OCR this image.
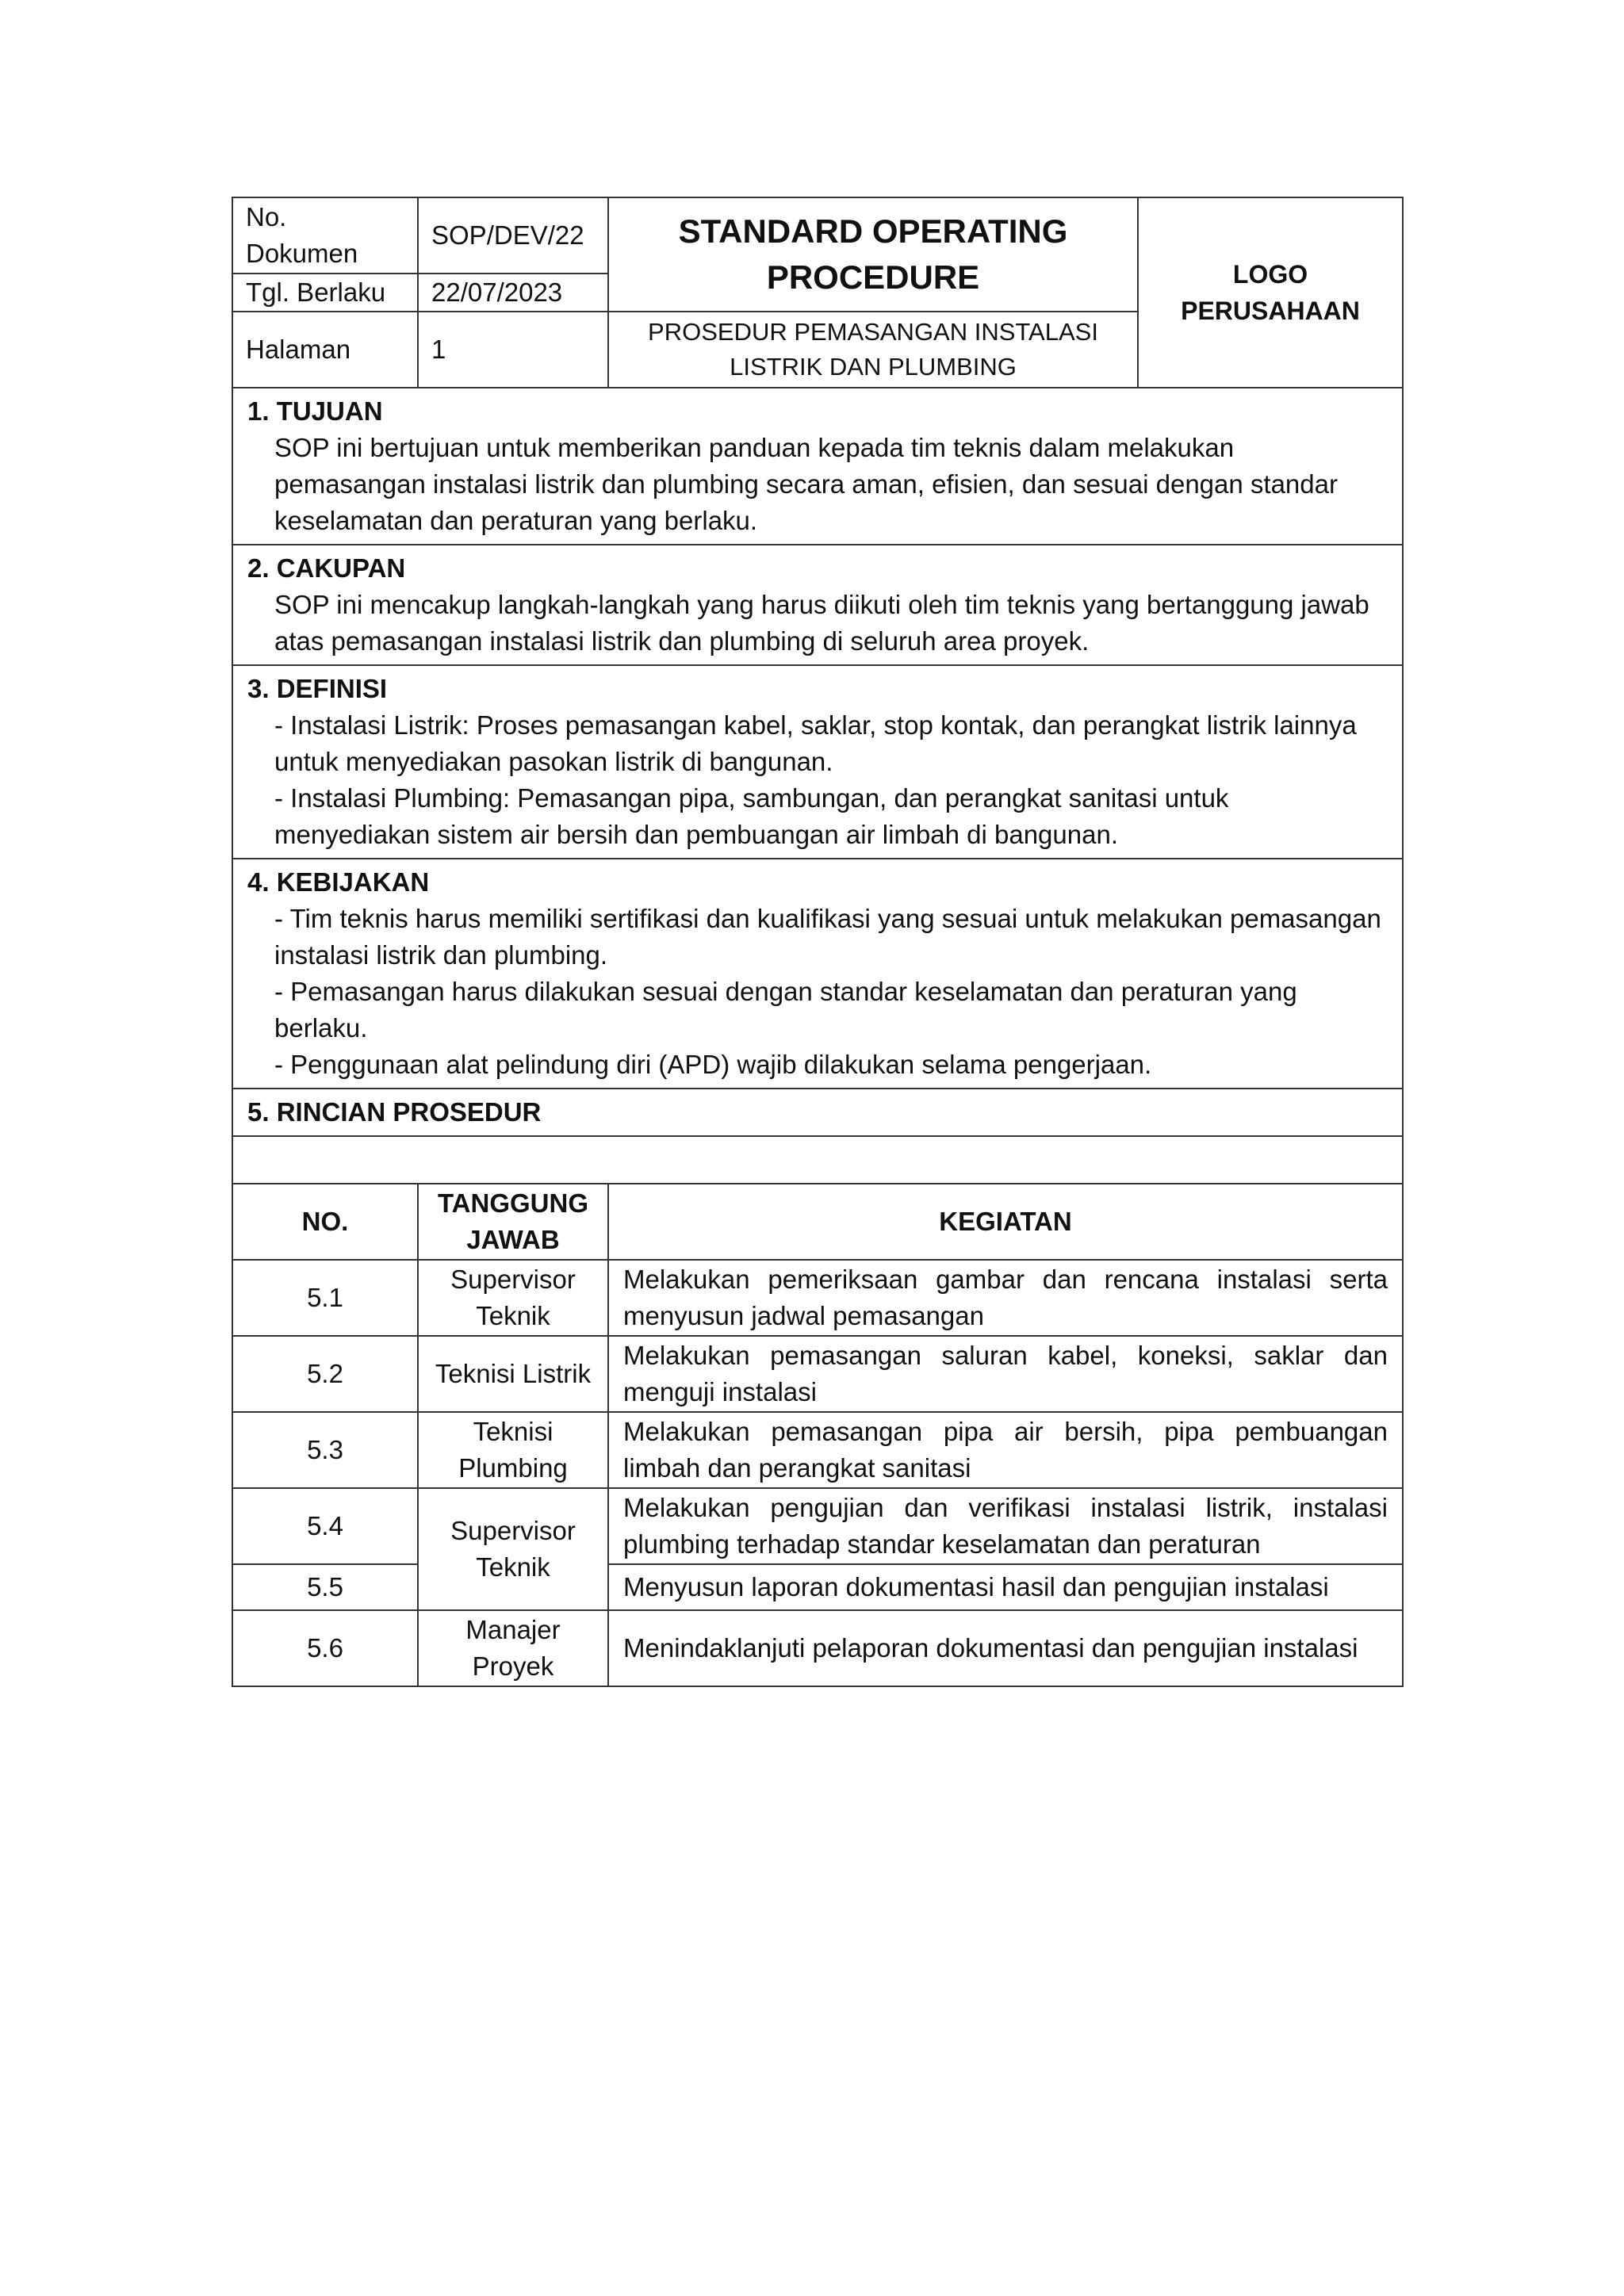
No. Dokumen	SOP/DEV/22	STANDARD OPERATING PROCEDURE	LOGO PERUSAHAAN
Tgl. Berlaku	22/07/2023		
Halaman	1	PROSEDUR PEMASANGAN INSTALASI LISTRIK DAN PLUMBING	

1. TUJUAN
SOP ini bertujuan untuk memberikan panduan kepada tim teknis dalam melakukan pemasangan instalasi listrik dan plumbing secara aman, efisien, dan sesuai dengan standar keselamatan dan peraturan yang berlaku.			

2. CAKUPAN
SOP ini mencakup langkah-langkah yang harus diikuti oleh tim teknis yang bertanggung jawab atas pemasangan instalasi listrik dan plumbing di seluruh area proyek.			

3. DEFINISI
- Instalasi Listrik: Proses pemasangan kabel, saklar, stop kontak, dan perangkat listrik lainnya untuk menyediakan pasokan listrik di bangunan.
- Instalasi Plumbing: Pemasangan pipa, sambungan, dan perangkat sanitasi untuk menyediakan sistem air bersih dan pembuangan air limbah di bangunan.			

4. KEBIJAKAN
- Tim teknis harus memiliki sertifikasi dan kualifikasi yang sesuai untuk melakukan pemasangan instalasi listrik dan plumbing.
- Pemasangan harus dilakukan sesuai dengan standar keselamatan dan peraturan yang berlaku.
- Penggunaan alat pelindung diri (APD) wajib dilakukan selama pengerjaan.			

5. RINCIAN PROSEDUR			

NO.	TANGGUNG JAWAB	KEGIATAN	
5.1	Supervisor Teknik	Melakukan pemeriksaan gambar dan rencana instalasi serta menyusun jadwal pemasangan	
5.2	Teknisi Listrik	Melakukan pemasangan saluran kabel, koneksi, saklar dan menguji instalasi	
5.3	Teknisi Plumbing	Melakukan pemasangan pipa air bersih, pipa pembuangan limbah dan perangkat sanitasi	
5.4	Supervisor Teknik	Melakukan pengujian dan verifikasi instalasi listrik, instalasi plumbing terhadap standar keselamatan dan peraturan	
5.5		Menyusun laporan dokumentasi hasil dan pengujian instalasi	
5.6	Manajer Proyek	Menindaklanjuti pelaporan dokumentasi dan pengujian instalasi	
